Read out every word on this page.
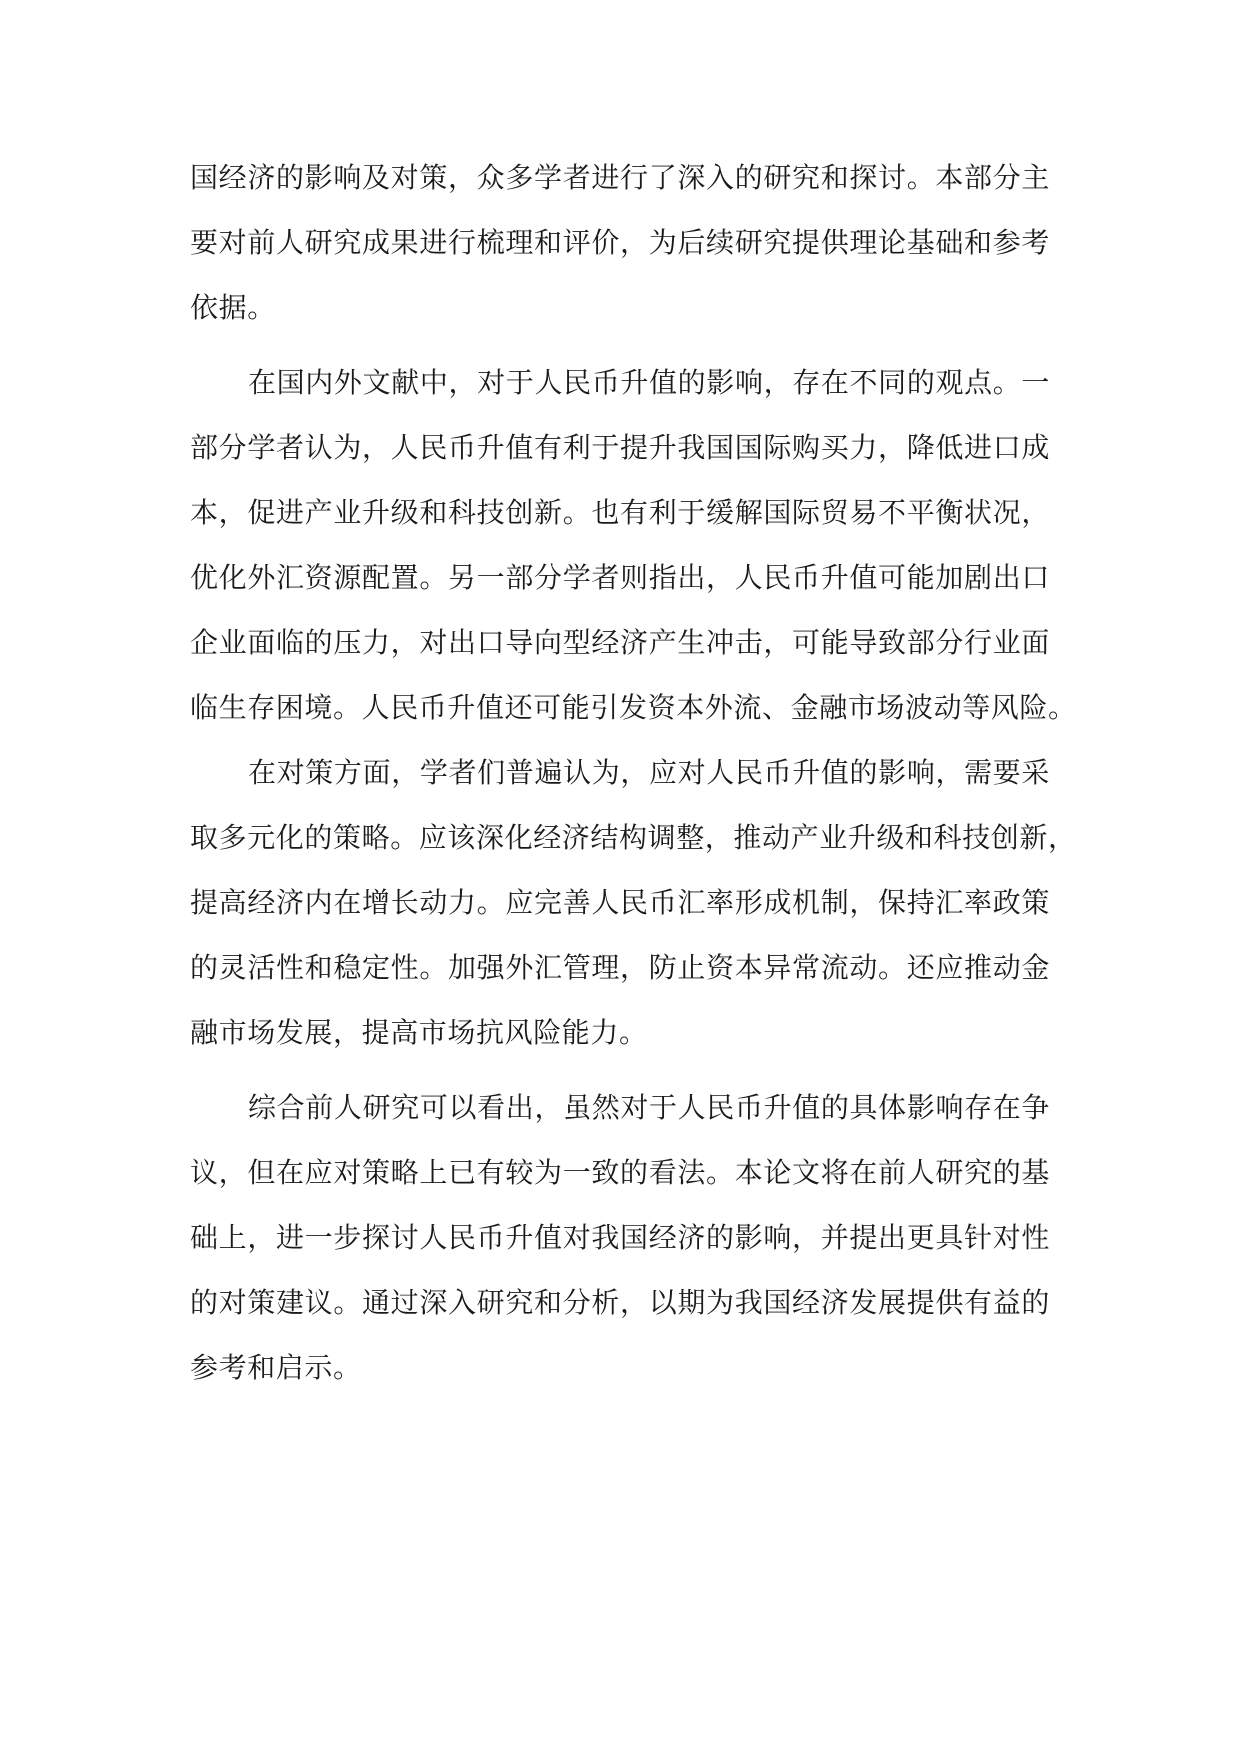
国经济的影响及对策，众多学者进行了深入的研究和探讨。本部分主
要对前人研究成果进行梳理和评价，为后续研究提供理论基础和参考
依据。
在国内外文献中，对于人民币升值的影响，存在不同的观点。一
部分学者认为，人民币升值有利于提升我国国际购买力，降低进口成
本，促进产业升级和科技创新。也有利于缓解国际贸易不平衡状况，
优化外汇资源配置。另一部分学者则指出，人民币升值可能加剧出口
企业面临的压力，对出口导向型经济产生冲击，可能导致部分行业面
临生存困境。人民币升值还可能引发资本外流、金融市场波动等风险。
在对策方面，学者们普遍认为，应对人民币升值的影响，需要采
取多元化的策略。应该深化经济结构调整，推动产业升级和科技创新，
提高经济内在增长动力。应完善人民币汇率形成机制，保持汇率政策
的灵活性和稳定性。加强外汇管理，防止资本异常流动。还应推动金
融市场发展，提高市场抗风险能力。
综合前人研究可以看出，虽然对于人民币升值的具体影响存在争
议，但在应对策略上已有较为一致的看法。本论文将在前人研究的基
础上，进一步探讨人民币升值对我国经济的影响，并提出更具针对性
的对策建议。通过深入研究和分析，以期为我国经济发展提供有益的
参考和启示。
